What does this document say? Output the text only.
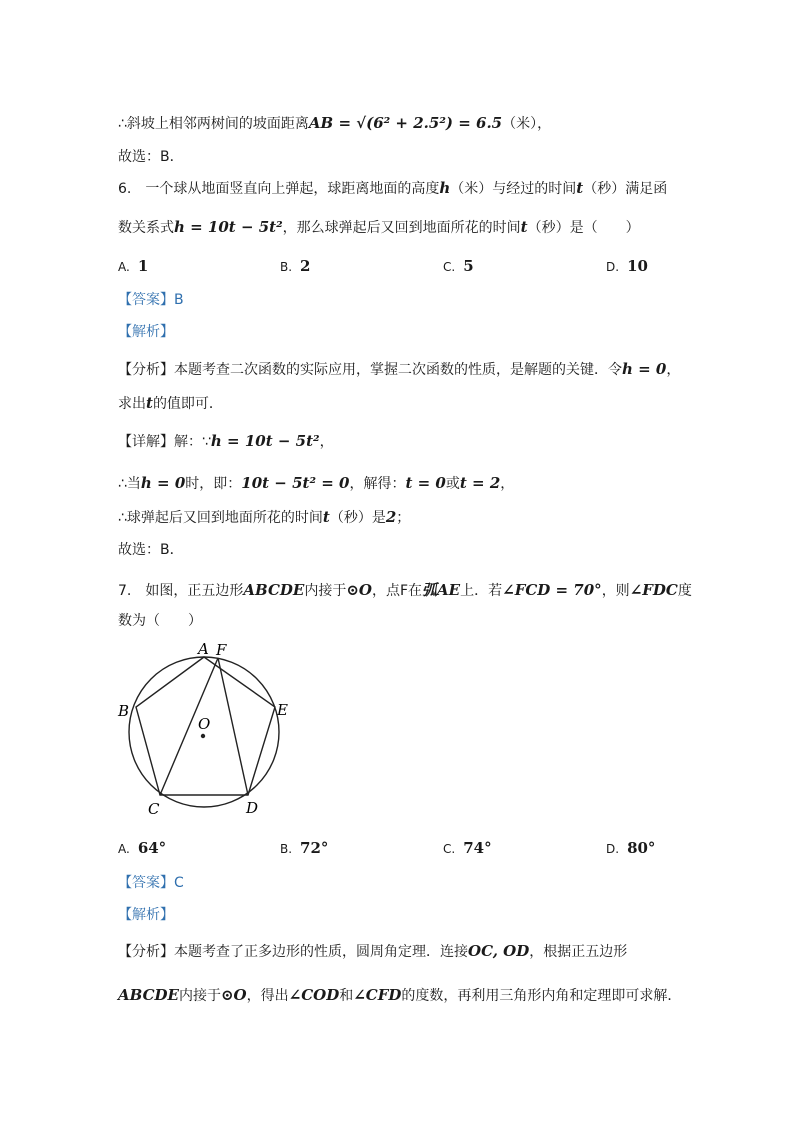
∴斜坡上相邻两树间的坡面距离AB = √(6² + 2.5²) = 6.5（米），
故选：B．
6.　一个球从地面竖直向上弹起，球距离地面的高度h（米）与经过的时间t（秒）满足函
数关系式h = 10t − 5t²，那么球弹起后又回到地面所花的时间t（秒）是（　　）
A. 1	B. 2	C. 5	D. 10
【答案】B
【解析】
【分析】本题考查二次函数的实际应用，掌握二次函数的性质，是解题的关键．令h = 0，
求出t的值即可．
【详解】解：∵h = 10t − 5t²，
∴当h = 0时，即：10t − 5t² = 0，解得：t = 0或t = 2，
∴球弹起后又回到地面所花的时间t（秒）是2；
故选：B．
7.　如图，正五边形ABCDE内接于⊙O，点F在弧AE上．若∠FCD = 70°，则∠FDC度
数为（　　）
A F
B	E
O
C	D
A. 64°	B. 72°	C. 74°	D. 80°
【答案】C
【解析】
【分析】本题考查了正多边形的性质，圆周角定理．连接OC, OD，根据正五边形
ABCDE内接于⊙O，得出∠COD和∠CFD的度数，再利用三角形内角和定理即可求解．
